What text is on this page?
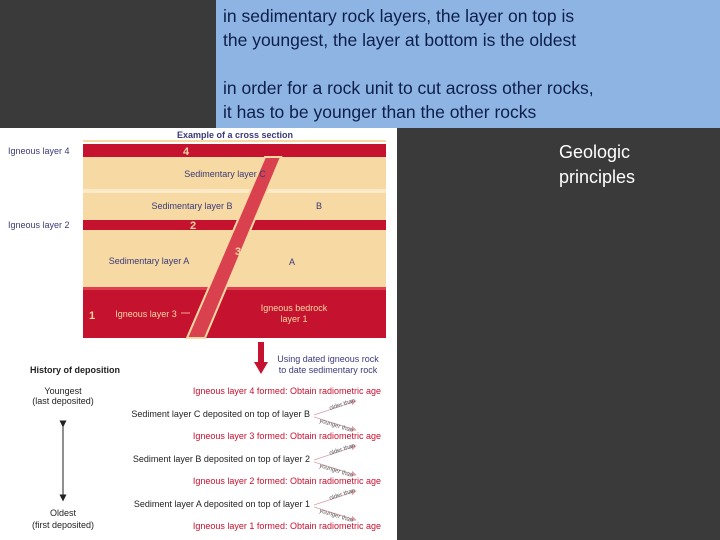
in sedimentary rock layers, the layer on top is
the youngest, the layer at bottom is the oldest
in order for a rock unit to cut across other rocks,
it has to be younger than the other rocks
Geologic
principles
Example of a cross section
Igneous layer 4
Igneous layer 2
4
Sedimentary layer C
Sedimentary layer B	B
2
3
Sedimentary layer A	A
1 Igneous layer 3
Igneous bedrock
layer 1
Using dated igneous rock
to date sedimentary rock
History of deposition
Youngest
(last deposited)
Oldest
(first deposited)
Igneous layer 4 formed: Obtain radiometric age
Sediment layer C deposited on top of layer B
Igneous layer 3 formed: Obtain radiometric age
Sediment layer B deposited on top of layer 2
Igneous layer 2 formed: Obtain radiometric age
Sediment layer A deposited on top of layer 1
Igneous layer 1 formed: Obtain radiometric age
older than
younger than
older than
younger than
older than
younger than
